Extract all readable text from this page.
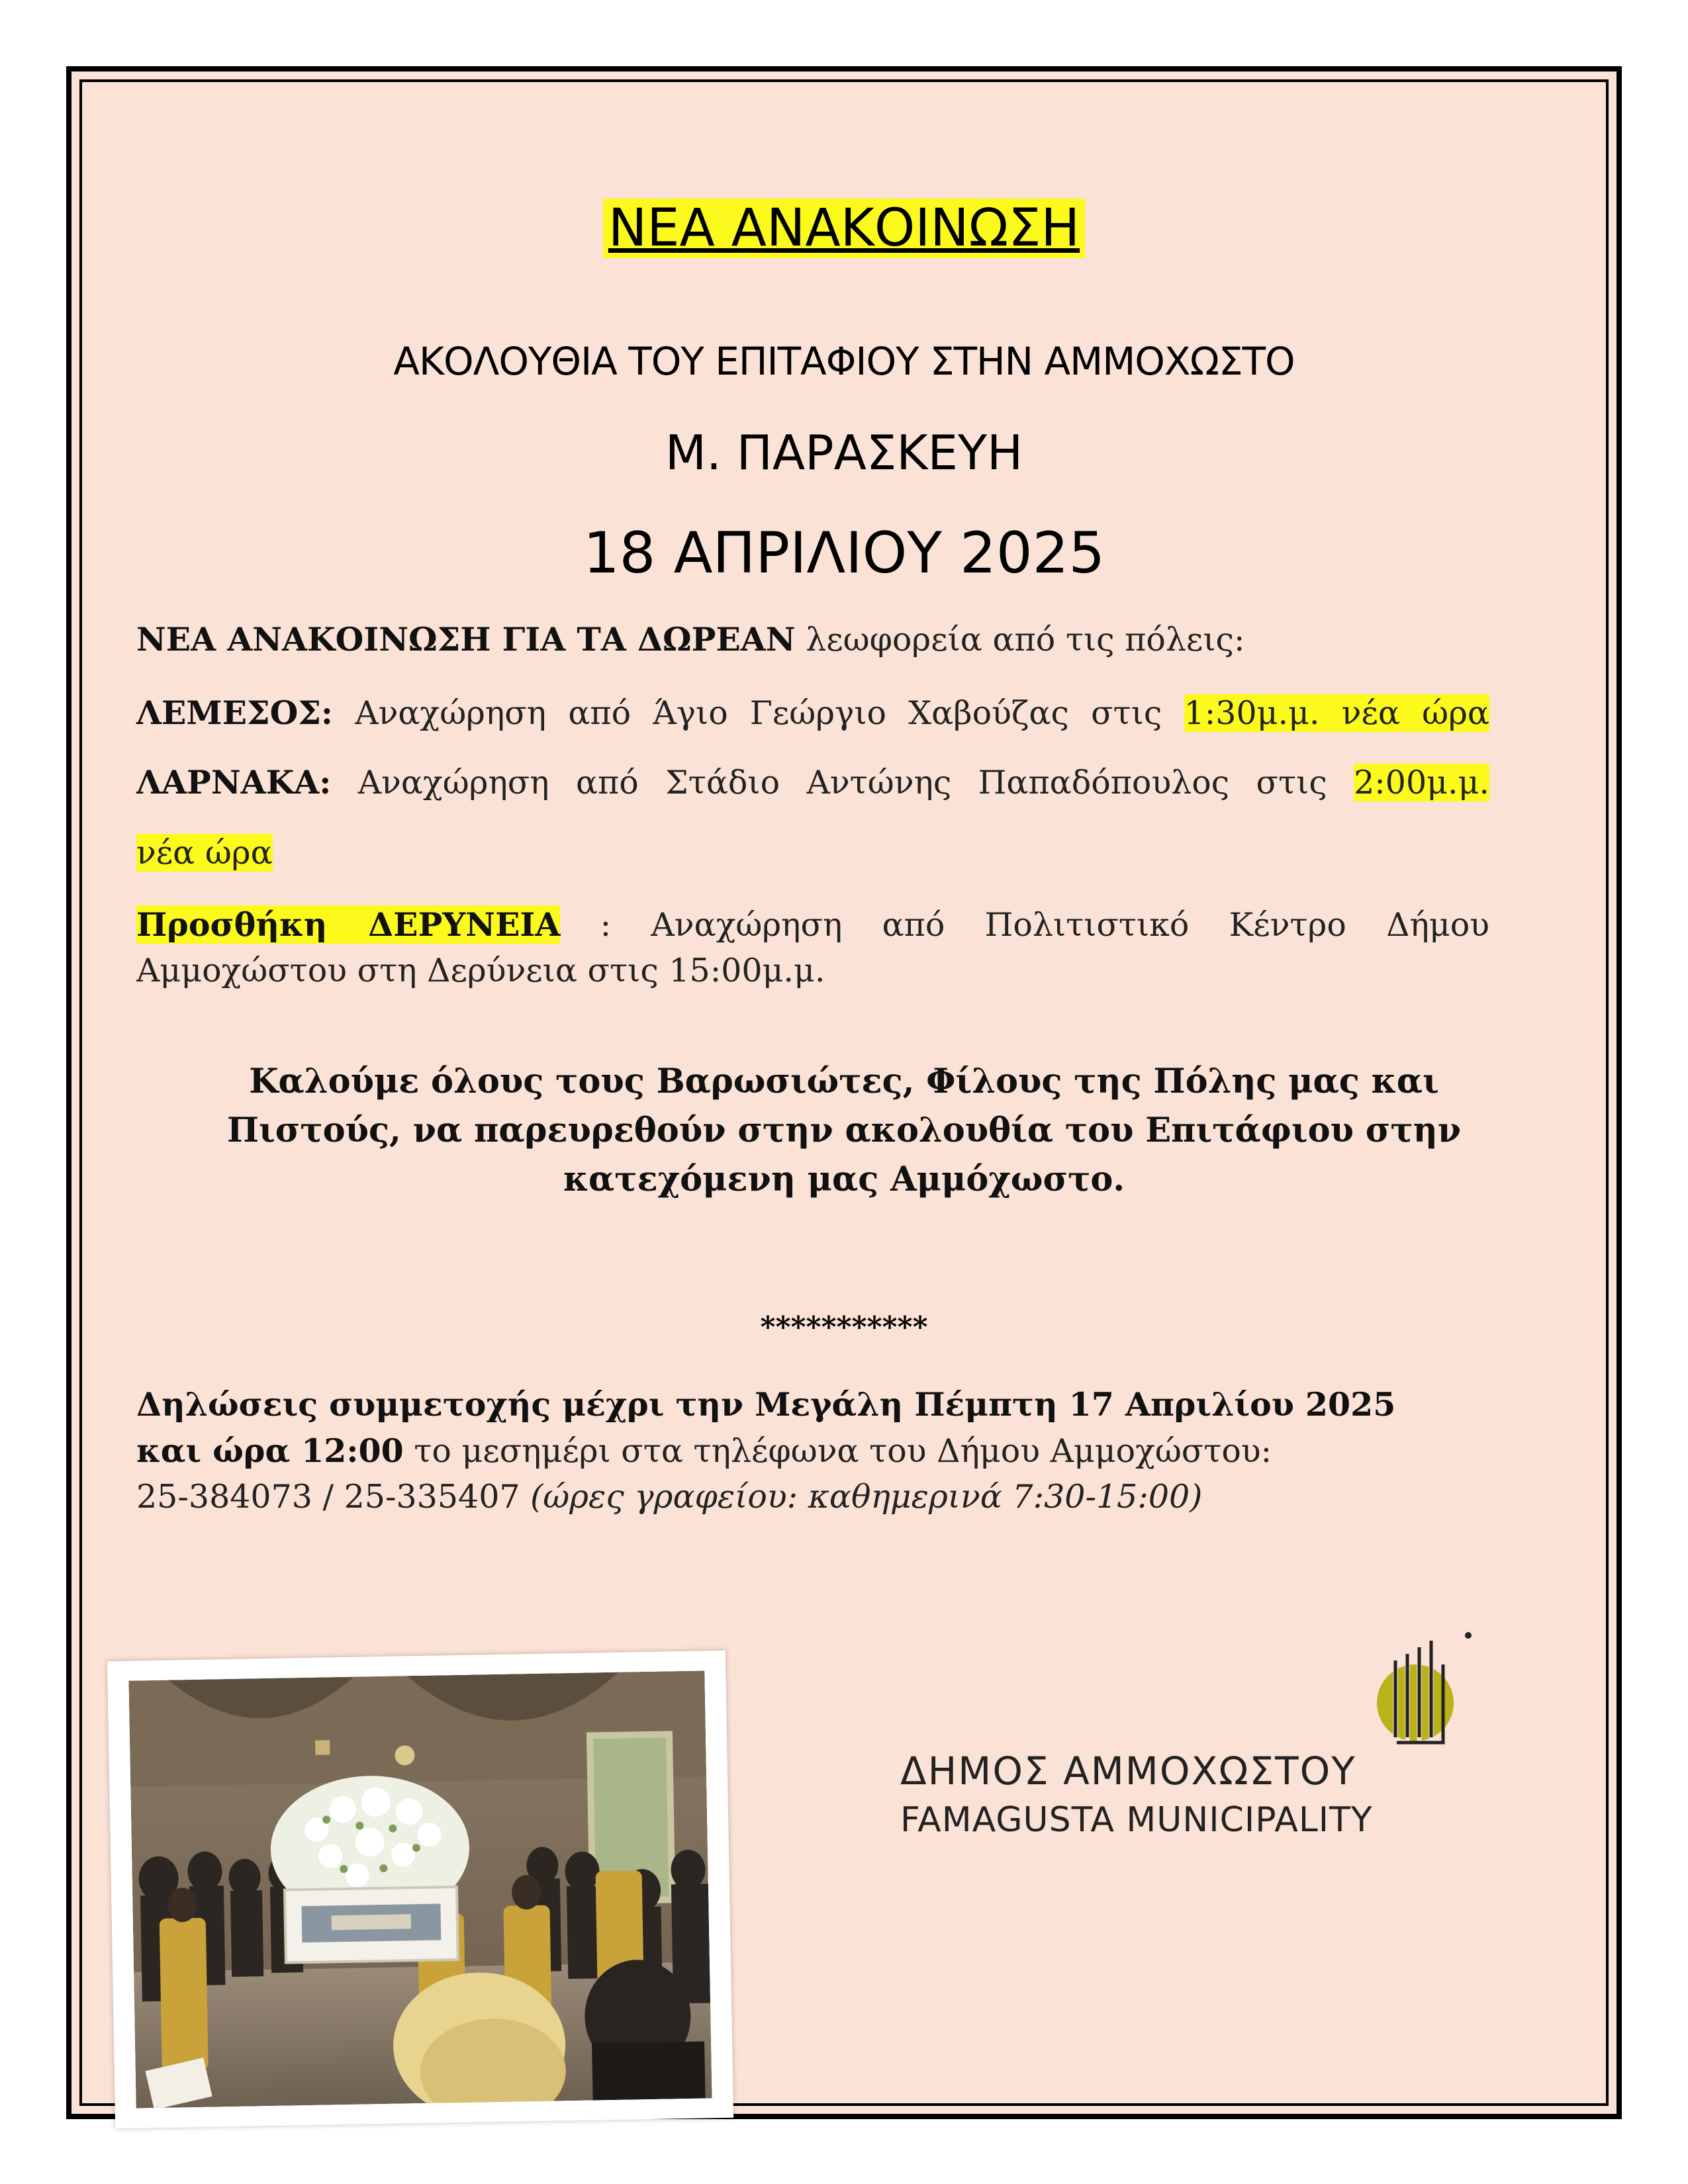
ΝΕΑ ΑΝΑΚΟΙΝΩΣΗ
ΑΚΟΛΟΥΘΙΑ ΤΟΥ ΕΠΙΤΑΦΙΟΥ ΣΤΗΝ ΑΜΜΟΧΩΣΤΟ
Μ. ΠΑΡΑΣΚΕΥΗ
18 ΑΠΡΙΛΙΟΥ 2025
ΝΕΑ ΑΝΑΚΟΙΝΩΣΗ ΓΙΑ ΤΑ ΔΩΡΕΑΝ λεωφορεία από τις πόλεις:
ΛΕΜΕΣΟΣ: Αναχώρηση από Άγιο Γεώργιο Χαβούζας στις 1:30μ.μ. νέα ώρα
ΛΑΡΝΑΚΑ: Αναχώρηση από Στάδιο Αντώνης Παπαδόπουλος στις 2:00μ.μ.
νέα ώρα
Προσθήκη ΔΕΡΥΝΕΙΑ : Αναχώρηση από Πολιτιστικό Κέντρο Δήμου
Αμμοχώστου στη Δερύνεια στις 15:00μ.μ.
Καλούμε όλους τους Βαρωσιώτες, Φίλους της Πόλης μας και
Πιστούς, να παρευρεθούν στην ακολουθία του Επιτάφιου στην
κατεχόμενη μας Αμμόχωστο.
***********
Δηλώσεις συμμετοχής μέχρι την Μεγάλη Πέμπτη 17 Απριλίου 2025
και ώρα 12:00 το μεσημέρι στα τηλέφωνα του Δήμου Αμμοχώστου:
25-384073 / 25-335407 (ώρες γραφείου: καθημερινά 7:30-15:00)
ΔΗΜΟΣ ΑΜΜΟΧΩΣΤΟΥ
FAMAGUSTA MUNICIPALITY
